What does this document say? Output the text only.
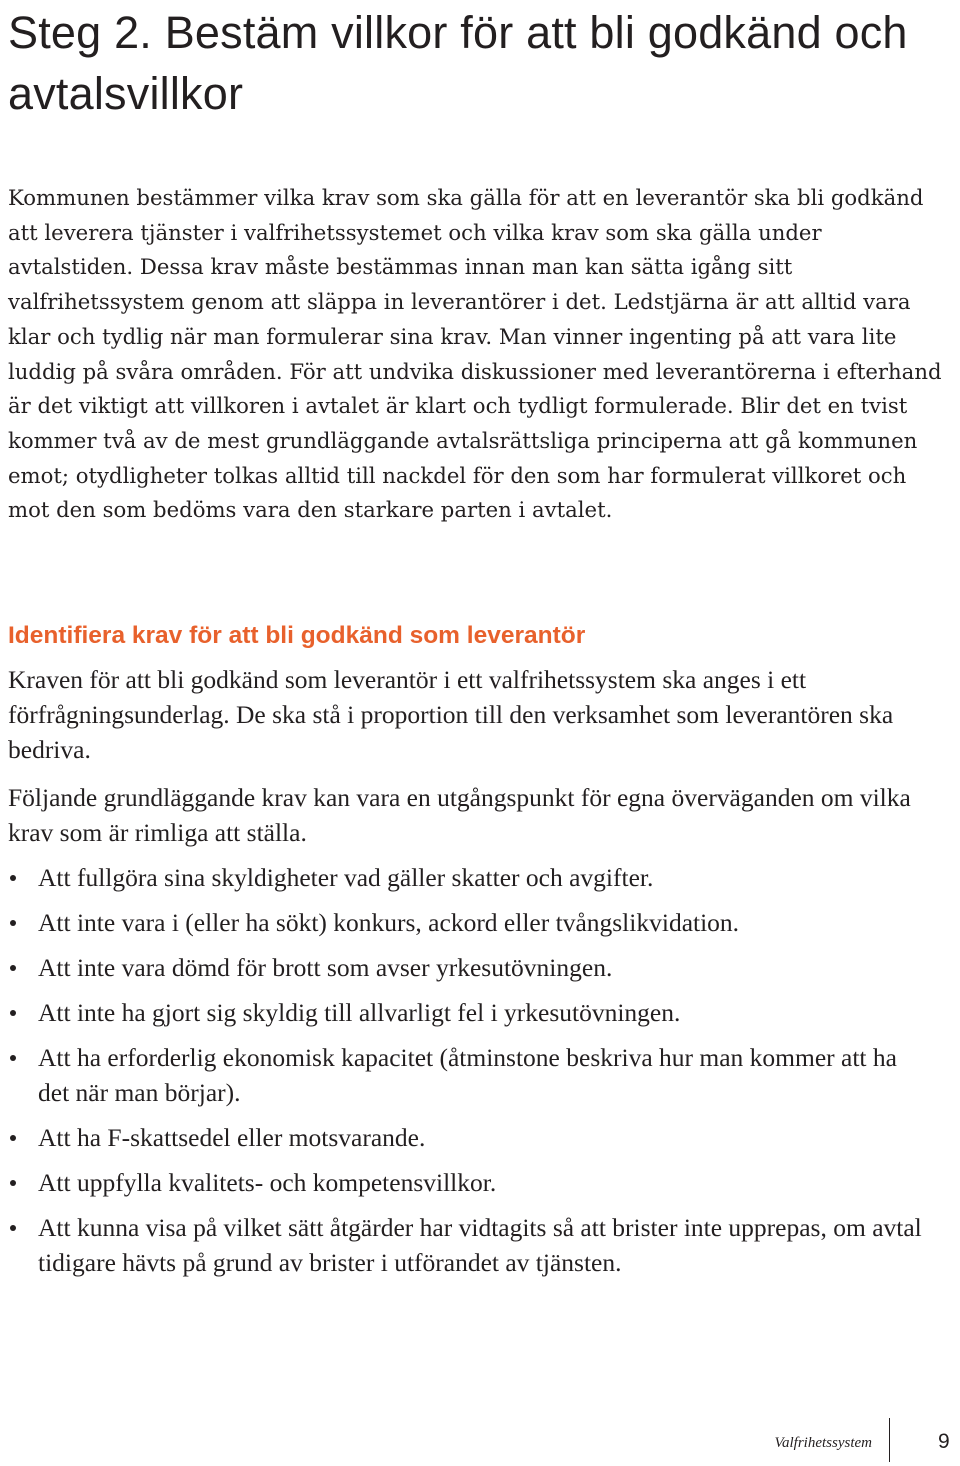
Steg 2. Bestäm villkor för att bli godkänd och avtalsvillkor

Kommunen bestämmer vilka krav som ska gälla för att en leverantör ska bli godkänd att leverera tjänster i valfrihetssystemet och vilka krav som ska gälla under avtalstiden. Dessa krav måste bestämmas innan man kan sätta igång sitt valfrihetssystem genom att släppa in leverantörer i det. Ledstjärna är att alltid vara klar och tydlig när man formulerar sina krav. Man vinner ingenting på att vara lite luddig på svåra områden. För att undvika diskussioner med leverantörerna i efterhand är det viktigt att villkoren i avtalet är klart och tydligt formulerade. Blir det en tvist kommer två av de mest grundläggande avtalsrättsliga principerna att gå kommunen emot; otydligheter tolkas alltid till nackdel för den som har formulerat villkoret och mot den som bedöms vara den starkare parten i avtalet.

Identifiera krav för att bli godkänd som leverantör

Kraven för att bli godkänd som leverantör i ett valfrihetssystem ska anges i ett förfrågningsunderlag. De ska stå i proportion till den verksamhet som leverantören ska bedriva.

Följande grundläggande krav kan vara en utgångspunkt för egna överväganden om vilka krav som är rimliga att ställa.

Att fullgöra sina skyldigheter vad gäller skatter och avgifter.
Att inte vara i (eller ha sökt) konkurs, ackord eller tvångslikvidation.
Att inte vara dömd för brott som avser yrkesutövningen.
Att inte ha gjort sig skyldig till allvarligt fel i yrkesutövningen.
Att ha erforderlig ekonomisk kapacitet (åtminstone beskriva hur man kommer att ha det när man börjar).
Att ha F-skattsedel eller motsvarande.
Att uppfylla kvalitets- och kompetensvillkor.
Att kunna visa på vilket sätt åtgärder har vidtagits så att brister inte upprepas, om avtal tidigare hävts på grund av brister i utförandet av tjänsten.
Valfrihetssystem	9
